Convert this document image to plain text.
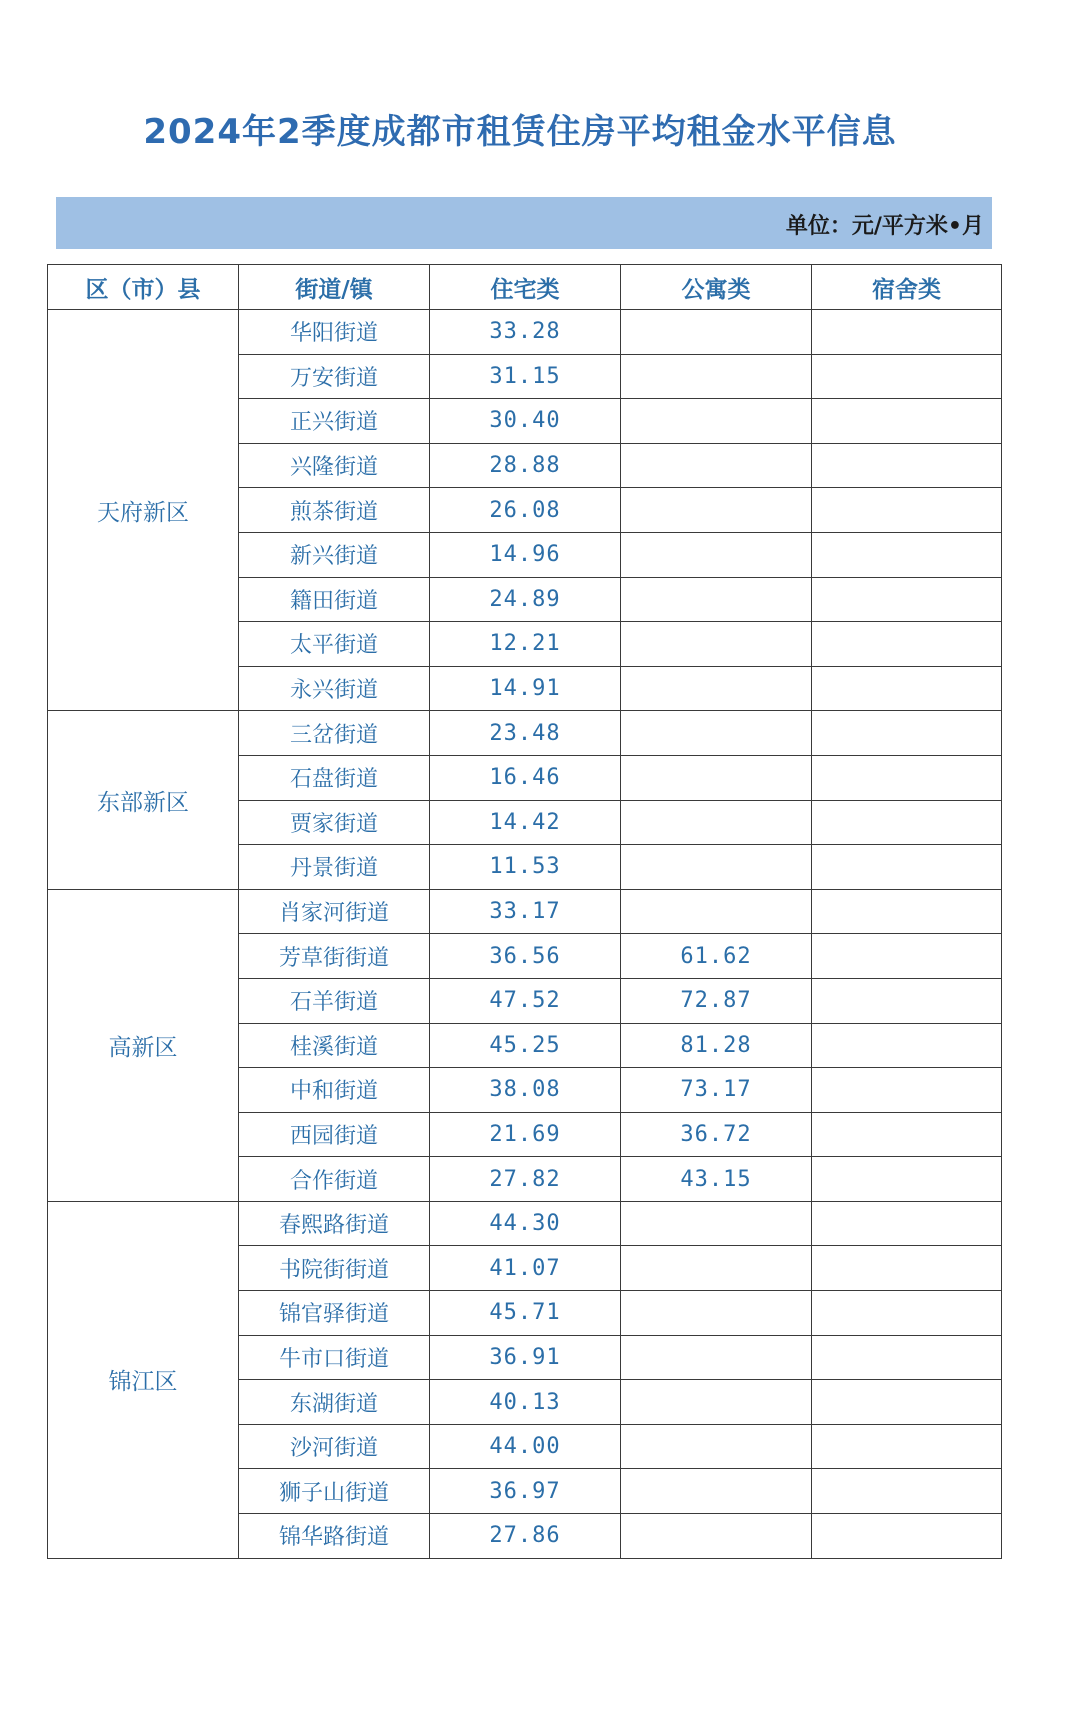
2024年2季度成都市租赁住房平均租金水平信息
单位：元/平方米•月
区（市）县	街道/镇	住宅类	公寓类	宿舍类
天府新区	华阳街道	33.28		
	万安街道	31.15		
	正兴街道	30.40		
	兴隆街道	28.88		
	煎茶街道	26.08		
	新兴街道	14.96		
	籍田街道	24.89		
	太平街道	12.21		
	永兴街道	14.91		
东部新区	三岔街道	23.48		
	石盘街道	16.46		
	贾家街道	14.42		
	丹景街道	11.53		
高新区	肖家河街道	33.17		
	芳草街街道	36.56	61.62	
	石羊街道	47.52	72.87	
	桂溪街道	45.25	81.28	
	中和街道	38.08	73.17	
	西园街道	21.69	36.72	
	合作街道	27.82	43.15	
锦江区	春熙路街道	44.30		
	书院街街道	41.07		
	锦官驿街道	45.71		
	牛市口街道	36.91		
	东湖街道	40.13		
	沙河街道	44.00		
	狮子山街道	36.97		
	锦华路街道	27.86		
